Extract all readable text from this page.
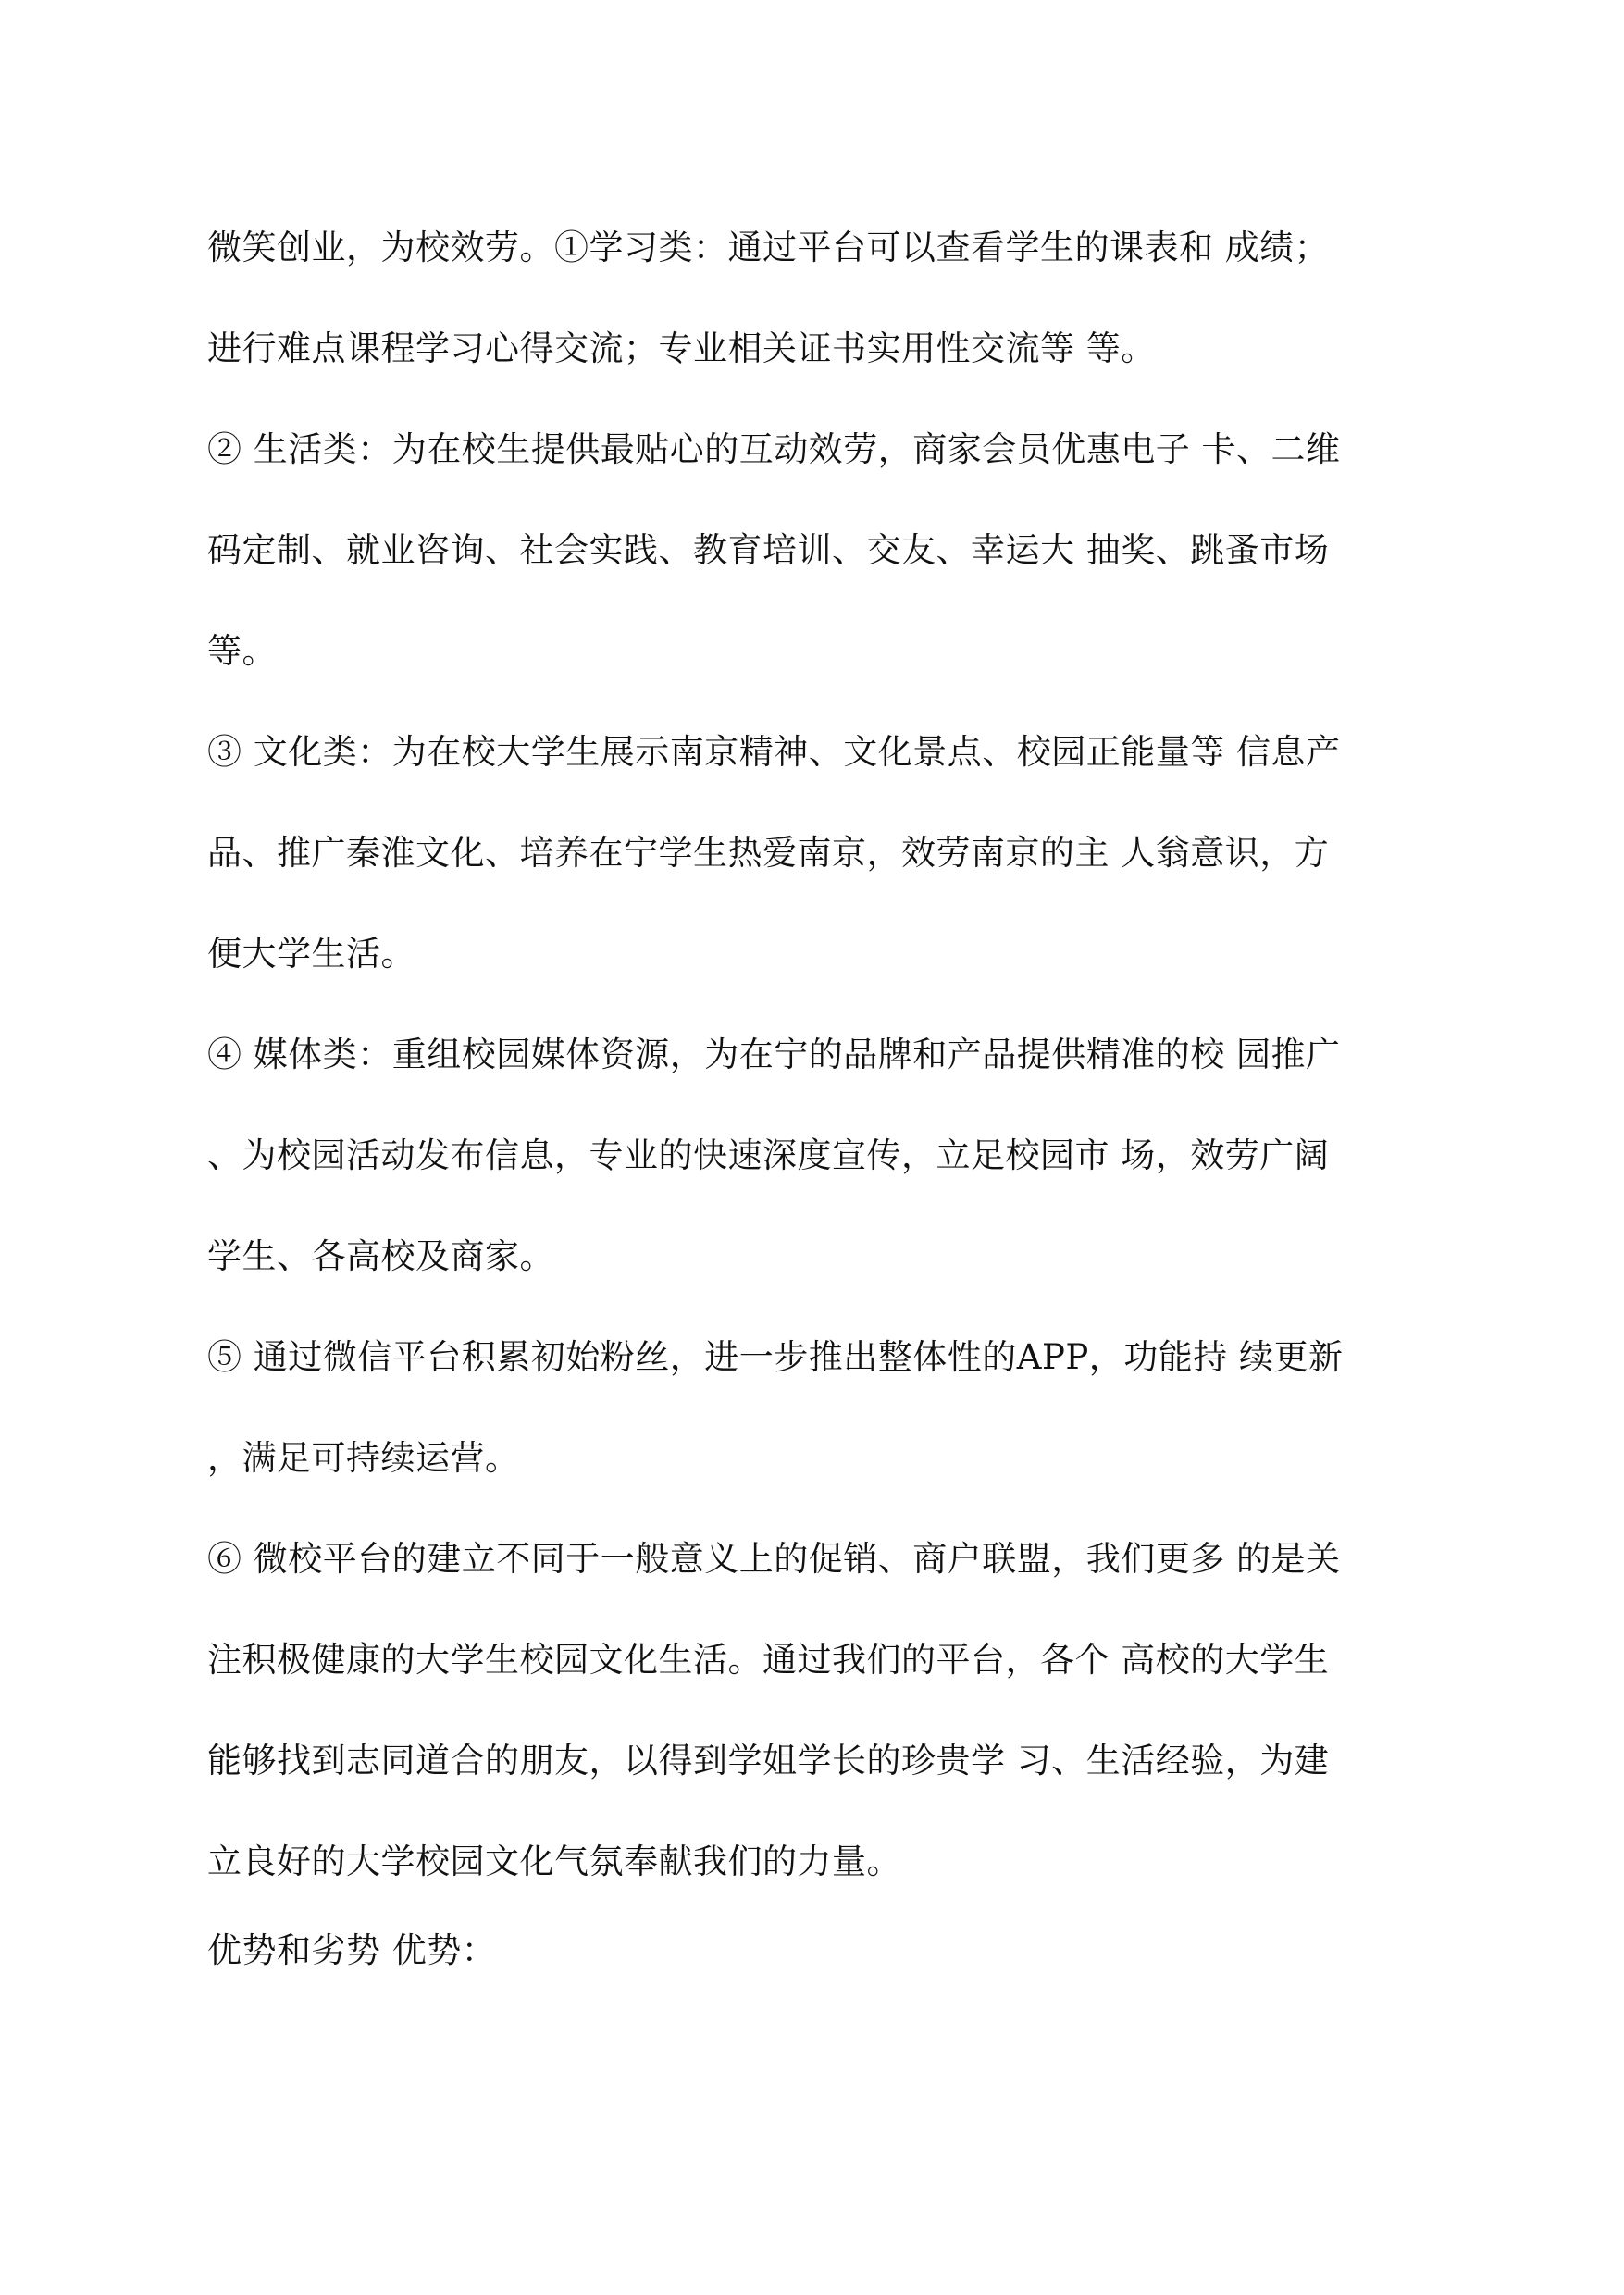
微笑创业，为校效劳。①学习类：通过平台可以查看学生的课表和 成绩；
进行难点课程学习心得交流；专业相关证书实用性交流等 等。
② 生活类：为在校生提供最贴心的互动效劳，商家会员优惠电子 卡、二维
码定制、就业咨询、社会实践、教育培训、交友、幸运大 抽奖、跳蚤市场
等。
③ 文化类：为在校大学生展示南京精神、文化景点、校园正能量等 信息产
品、推广秦淮文化、培养在宁学生热爱南京，效劳南京的主 人翁意识，方
便大学生活。
④ 媒体类：重组校园媒体资源，为在宁的品牌和产品提供精准的校 园推广
、为校园活动发布信息，专业的快速深度宣传，立足校园市 场，效劳广阔
学生、各高校及商家。
⑤ 通过微信平台积累初始粉丝，进一步推出整体性的APP，功能持 续更新
，满足可持续运营。
⑥ 微校平台的建立不同于一般意义上的促销、商户联盟，我们更多 的是关
注积极健康的大学生校园文化生活。通过我们的平台，各个 高校的大学生
能够找到志同道合的朋友，以得到学姐学长的珍贵学 习、生活经验，为建
立良好的大学校园文化气氛奉献我们的力量。
优势和劣势 优势：
